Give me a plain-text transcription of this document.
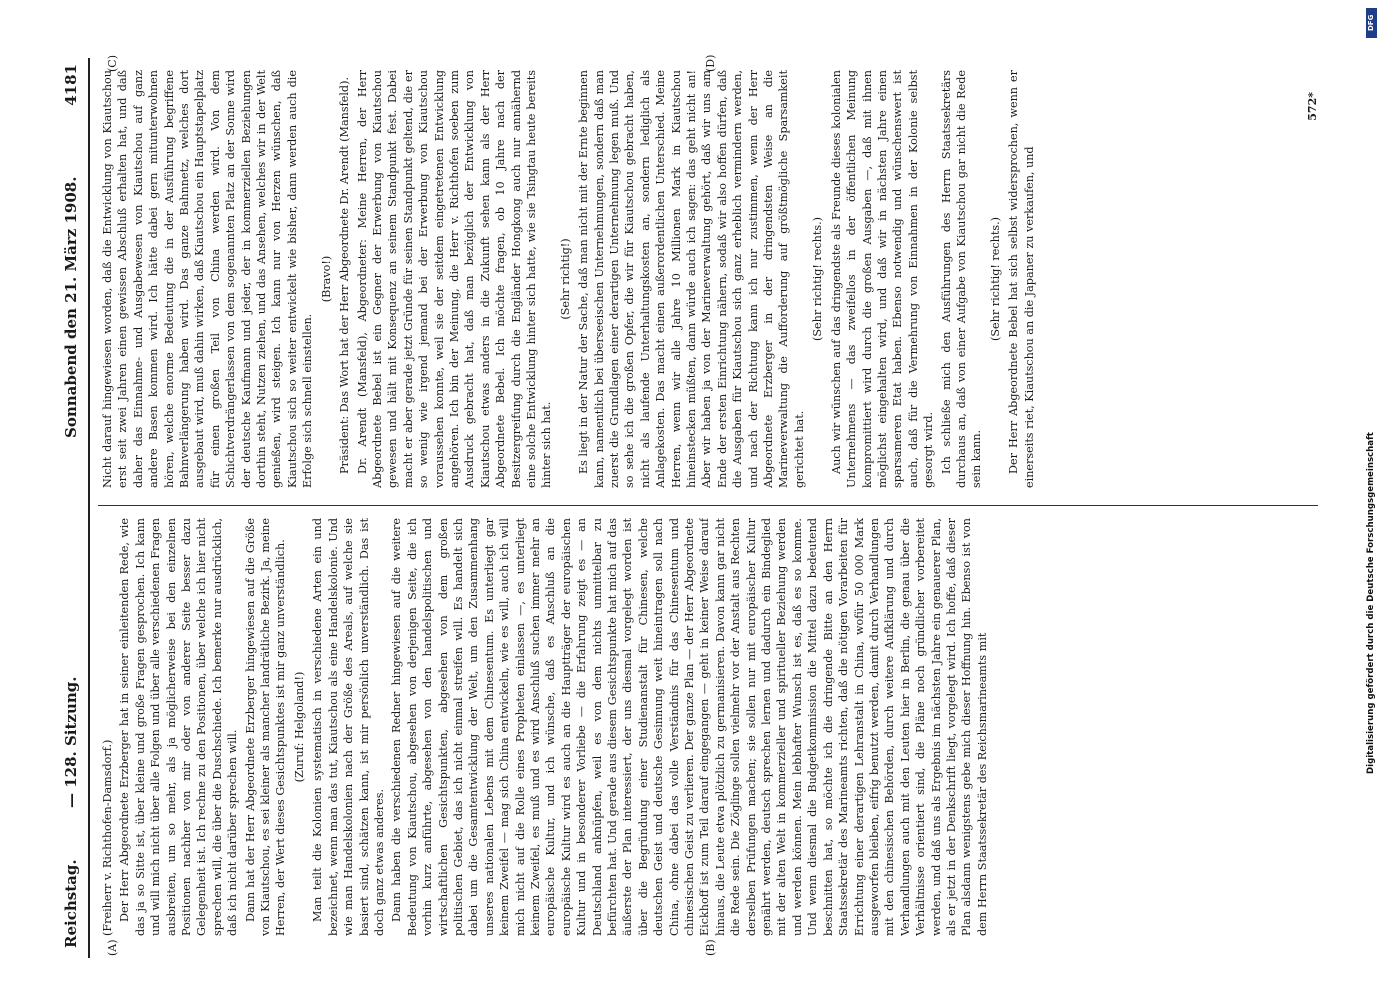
Reichstag.
— 128. Sitzung.
Sonnabend den 21. März 1908.
4181
(A)	(B)
(C)	(D)

(Freiherr v. Richthofen-Damsdorf.) Der Herr Abgeordnete Erzberger hat in seiner einleitenden Rede, wie das ja so Sitte ist, über kleine und große Fragen gesprochen. Ich kann und will mich nicht über alle Folgen und über alle verschiedenen Fragen ausbreiten, um so mehr, als ja möglicherweise bei den einzelnen Positionen nachher von mir oder von anderer Seite besser dazu Gelegenheit ist. Ich rechne zu den Positionen, über welche ich hier nicht sprechen will, die über die Duschschiede. Ich bemerke nur ausdrücklich, daß ich nicht darüber sprechen will. Dann hat der Herr Abgeordnete Erzberger hingewiesen auf die Größe von Kiautschou, es sei kleiner als mancher landrätliche Bezirk. Ja, meine Herren, der Wert dieses Gesichtspunktes ist mir ganz unverständlich. (Zuruf: Helgoland!) Man teilt die Kolonien systematisch in verschiedene Arten ein und bezeichnet, wenn man das tut, Kiautschou als eine Handelskolonie. Und wie man Handelskolonien nach der Größe des Areals, auf welche sie basiert sind, schätzen kann, ist mir persönlich unverständlich. Das ist doch ganz etwas anderes. Dann haben die verschiedenen Redner hingewiesen auf die weitere Bedeutung von Kiautschou, abgesehen von derjenigen Seite, die ich vorhin kurz anführte, abgesehen von den handelspolitischen und wirtschaftlichen Gesichtspunkten, abgesehen von dem großen politischen Gebiet, das ich nicht einmal streifen will. Es handelt sich dabei um die Gesamtentwicklung der Welt, um den Zusammenhang unseres nationalen Lebens mit dem Chinesentum. Es unterliegt gar keinem Zweifel — mag sich China entwickeln, wie es will, auch ich will mich nicht auf die Rolle eines Propheten einlassen —, es unterliegt keinem Zweifel, es muß und es wird Anschluß suchen immer mehr an europäische Kultur, und ich wünsche, daß es Anschluß an die europäische Kultur wird es auch an die Hauptträger der europäischen Kultur und in besonderer Vorliebe — die Erfahrung zeigt es — an Deutschland anknüpfen, weil es von dem nichts unmittelbar zu befürchten hat. Und gerade aus diesem Gesichtspunkte hat mich auf das äußerste der Plan interessiert, der uns diesmal vorgelegt worden ist über die Begründung einer Studienanstalt für Chinesen, welche deutschen Geist und deutsche Gesinnung weit hineintragen soll nach China, ohne dabei das volle Verständnis für das Chinesentum und chinesischen Geist zu verlieren. Der ganze Plan — der Herr Abgeordnete Eickhoff ist zum Teil darauf eingegangen — geht in keiner Weise darauf hinaus, die Leute etwa plötzlich zu germanisieren. Davon kann gar nicht die Rede sein. Die Zöglinge sollen vielmehr vor der Anstalt aus Rechten derselben Prüfungen machen; sie sollen nur mit europäischer Kultur genährt werden, deutsch sprechen lernen und dadurch ein Bindeglied mit der alten Welt in kommerzieller und spiritueller Beziehung werden und werden können. Mein lebhafter Wunsch ist es, daß es so komme. Und wenn diesmal die Budgetkommission die Mittel dazu bedeutend beschnitten hat, so möchte ich die dringende Bitte an den Herrn Staatssekretär des Marineamts richten, daß die nötigen Vorarbeiten für Errichtung einer derartigen Lehranstalt in China, wofür 50 000 Mark ausgeworfen bleiben, eifrig benutzt werden, damit durch Verhandlungen mit den chinesischen Behörden, durch weitere Aufklärung und durch Verhandlungen auch mit den Leuten hier in Berlin, die genau über die Verhältnisse orientiert sind, die Pläne noch gründlicher vorbereitet werden, und daß uns als Ergebnis im nächsten Jahre ein genauerer Plan, als er jetzt in der Denkschrift liegt, vorgelegt wird. Ich hoffe, daß dieser Plan alsdann wenigstens gebe mich dieser Hoffnung hin. Ebenso ist von dem Herrn Staatssekretär des Reichsmarineamts mit

Nicht darauf hingewiesen worden, daß die Entwicklung von Kiautschou erst seit zwei Jahren einen gewissen Abschluß erhalten hat, und daß daher das Einnahme- und Ausgabewesen von Kiautschou auf ganz andere Basen kommen wird. Ich hätte dabei gern mitunterwohnen hören, welche enorme Bedeutung die in der Ausführung begriffene Bahnverlängerung haben wird. Das ganze Bahnnetz, welches dort ausgebaut wird, muß dahin wirken, daß Kiautschou ein Hauptstapelplatz für einen großen Teil von China werden wird. Von dem Schichtverdrängerlassen von dem sogenannten Platz an der Sonne wird der deutsche Kaufmann und jeder, der in kommerziellen Beziehungen dorthin steht, Nutzen ziehen, und das Ansehen, welches wir in der Welt genießen, wird steigen. Ich kann nur von Herzen wünschen, daß Kiautschou sich so weiter entwickelt wie bisher, dann werden auch die Erfolge sich schnell einstellen.

(Bravo!) Präsident: Das Wort hat der Herr Abgeordnete Dr. Arendt (Mansfeld). Dr. Arendt (Mansfeld), Abgeordneter: Meine Herren, der Herr Abgeordnete Bebel ist ein Gegner der Erwerbung von Kiautschou gewesen und hält mit Konsequenz an seinem Standpunkt fest. Dabei macht er aber gerade jetzt Gründe für seinen Standpunkt geltend, die er so wenig wie irgend jemand bei der Erwerbung von Kiautschou voraussehen konnte, weil sie der seitdem eingetretenen Entwicklung angehören. Ich bin der Meinung, die Herr v. Richthofen soeben zum Ausdruck gebracht hat, daß man bezüglich der Entwicklung von Kiautschou etwas anders in die Zukunft sehen kann als der Herr Abgeordnete Bebel. Ich möchte fragen, ob 10 Jahre nach der Besitzergreifung durch die Engländer Hongkong auch nur annähernd eine solche Entwicklung hinter sich hatte, wie sie Tsingtau heute bereits hinter sich hat.

(Sehr richtig!) Es liegt in der Natur der Sache, daß man nicht mit der Ernte beginnen kann, namentlich bei überseeischen Unternehmungen, sondern daß man zuerst die Grundlagen einer derartigen Unternehmung legen muß. Und so sehe ich die großen Opfer, die wir für Kiautschou gebracht haben, nicht als laufende Unterhaltungskosten an, sondern lediglich als Anlagekosten. Das macht einen außerordentlichen Unterschied. Meine Herren, wenn wir alle Jahre 10 Millionen Mark in Kiautschou hineinstecken müßten, dann würde auch ich sagen: das geht nicht an! Aber wir haben ja von der Marineverwaltung gehört, daß wir uns am Ende der ersten Einrichtung nähern, sodaß wir also hoffen dürfen, daß die Ausgaben für Kiautschou sich ganz erheblich vermindern werden, und nach der Richtung kann ich nur zustimmen, wenn der Herr Abgeordnete Erzberger in der dringendsten Weise an die Marineverwaltung die Aufforderung auf größtmögliche Sparsamkeit gerichtet hat.

(Sehr richtig! rechts.) Auch wir wünschen auf das dringendste als Freunde dieses kolonialen Unternehmens — das zweifellos in der öffentlichen Meinung kompromittiert wird durch die großen Ausgaben —, daß mit ihnen möglichst eingehalten wird, und daß wir in nächsten Jahre einen sparsameren Etat haben. Ebenso notwendig und wünschenswert ist auch, daß für die Vermehrung von Einnahmen in der Kolonie selbst gesorgt wird. Ich schließe mich den Ausführungen des Herrn Staatssekretärs durchaus an, daß von einer Aufgabe von Kiautschou gar nicht die Rede sein kann.

(Sehr richtig! rechts.) Der Herr Abgeordnete Bebel hat sich selbst widersprochen, wenn er einerseits riet, Kiautschou an die Japaner zu verkaufen, und

572*
DFG
Digitalisierung gefördert durch die Deutsche Forschungsgemeinschaft
